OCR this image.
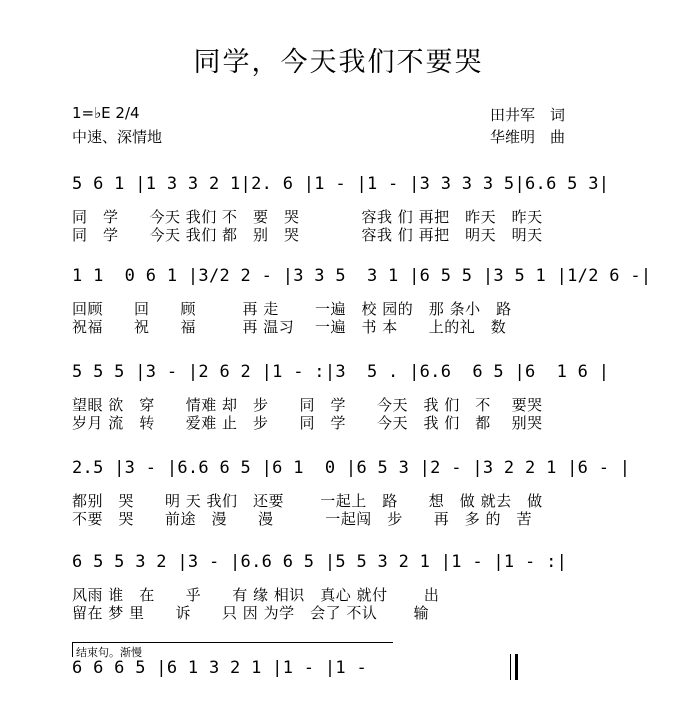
同学，今天我们不要哭
1=♭E 2/4
中速、深情地
田井军　词
华维明　曲
5 6 1 |1 3 3 2 1|2. 6 |1 - |1 - |3 3 3 3 5|6.6 5 3|
同　学　　今天 我们 不　要　哭　　　　容我 们 再把　昨天　昨天
同　学　　今天 我们 都　别　哭　　　　容我 们 再把　明天　明天
1 1  0 6 1 |3/2 2 - |3 3 5  3 1 |6 5 5 |3 5 1 |1/2 6 -|
回顾　　回　　顾　　　再 走　　 一遍　校 园的　那 条小　路
祝福　　祝　　福　　　再 温习　 一遍　书 本　　上的礼　数
5 5 5 |3 - |2 6 2 |1 - :|3  5 . |6.6  6 5 |6  1 6 |
望眼 欲　穿　　情难 却　步　　同　学　　今天　我 们　不　 要哭
岁月 流　转　　爱难 止　步　　同　学　　今天　我 们　都　 别哭
2.5 |3 - |6.6 6 5 |6 1  0 |6 5 3 |2 - |3 2 2 1 |6 - |
都别　哭　　明 天 我们　还要　　 一起上　路　　想　做 就去　做
不要　哭　　前途　漫　　漫　　　 一起闯　步　　再　多 的　苦
6 5 5 3 2 |3 - |6.6 6 5 |5 5 3 2 1 |1 - |1 - :|
风雨 谁　在　　乎　　有 缘 相识　真心 就付　　 出
留在 梦 里　　诉　　只 因 为学　会了 不认　　 输
结束句。渐慢
6 6 6 5 |6 1 3 2 1 |1 - |1 -
